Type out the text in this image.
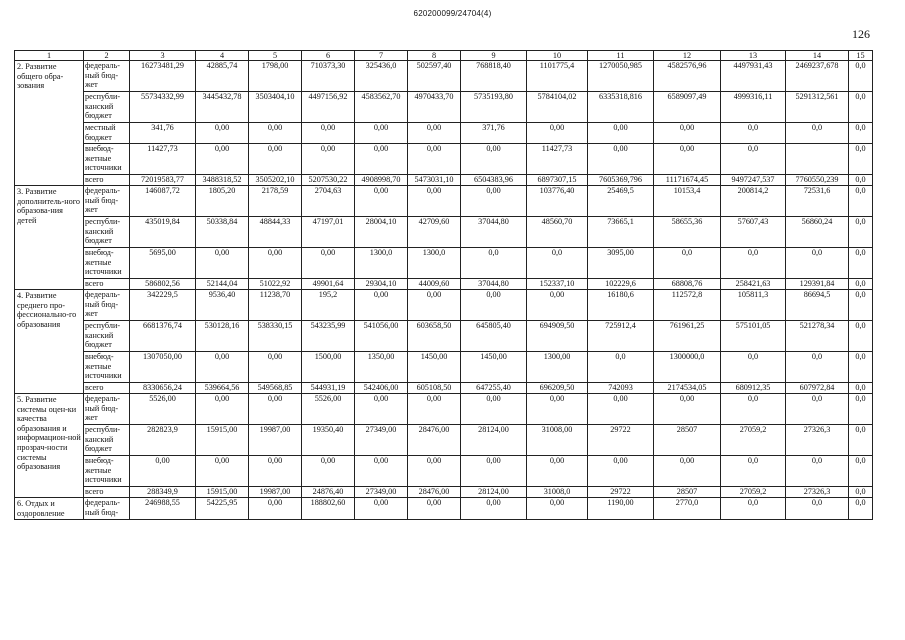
620200099/24704(4)
126
1	2	3	4	5	6	7	8	9	10	11	12	13	14	15
2. Развитие общего обра-зования	федераль-ный бюд-жет	16273481,29	42885,74	1798,00	710373,30	325436,0	502597,40	768818,40	1101775,4	1270050,985	4582576,96	4497931,43	2469237,678	0,0
	республи-канский бюджет	55734332,99	3445432,78	3503404,10	4497156,92	4583562,70	4970433,70	5735193,80	5784104,02	6335318,816	6589097,49	4999316,11	5291312,561	0,0
	местный бюджет	341,76	0,00	0,00	0,00	0,00	0,00	371,76	0,00	0,00	0,00	0,0	0,0	0,0
	внебюд-жетные источники	11427,73	0,00	0,00	0,00	0,00	0,00	0,00	11427,73	0,00	0,00	0,0		0,0
	всего	72019583,77	3488318,52	3505202,10	5207530,22	4908998,70	5473031,10	6504383,96	6897307,15	7605369,796	11171674,45	9497247,537	7760550,239	0,0
3. Развитие дополнитель-ного образова-ния детей	федераль-ный бюд-жет	146087,72	1805,20	2178,59	2704,63	0,00	0,00	0,00	103776,40	25469,5	10153,4	200814,2	72531,6	0,0
	республи-канский бюджет	435019,84	50338,84	48844,33	47197,01	28004,10	42709,60	37044,80	48560,70	73665,1	58655,36	57607,43	56860,24	0,0
	внебюд-жетные источники	5695,00	0,00	0,00	0,00	1300,0	1300,0	0,0	0,0	3095,00	0,0	0,0	0,0	0,0
	всего	586802,56	52144,04	51022,92	49901,64	29304,10	44009,60	37044,80	152337,10	102229,6	68808,76	258421,63	129391,84	0,0
4. Развитие среднего про-фессионально-го образования	федераль-ный бюд-жет	342229,5	9536,40	11238,70	195,2	0,00	0,00	0,00	0,00	16180,6	112572,8	105811,3	86694,5	0,0
	республи-канский бюджет	6681376,74	530128,16	538330,15	543235,99	541056,00	603658,50	645805,40	694909,50	725912,4	761961,25	575101,05	521278,34	0,0
	внебюд-жетные источники	1307050,00	0,00	0,00	1500,00	1350,00	1450,00	1450,00	1300,00	0,0	1300000,0	0,0	0,0	0,0
	всего	8330656,24	539664,56	549568,85	544931,19	542406,00	605108,50	647255,40	696209,50	742093	2174534,05	680912,35	607972,84	0,0
5. Развитие системы оцен-ки качества образования и информацион-ной прозрач-ности системы образования	федераль-ный бюд-жет	5526,00	0,00	0,00	5526,00	0,00	0,00	0,00	0,00	0,00	0,00	0,0	0,0	0,0
	республи-канский бюджет	282823,9	15915,00	19987,00	19350,40	27349,00	28476,00	28124,00	31008,00	29722	28507	27059,2	27326,3	0,0
	внебюд-жетные источники	0,00	0,00	0,00	0,00	0,00	0,00	0,00	0,00	0,00	0,00	0,0	0,0	0,0
	всего	288349,9	15915,00	19987,00	24876,40	27349,00	28476,00	28124,00	31008,0	29722	28507	27059,2	27326,3	0,0
6. Отдых и оздоровление	федераль-ный бюд-	246988,55	54225,95	0,00	188802,60	0,00	0,00	0,00	0,00	1190,00	2770,0	0,0	0,0	0,0
